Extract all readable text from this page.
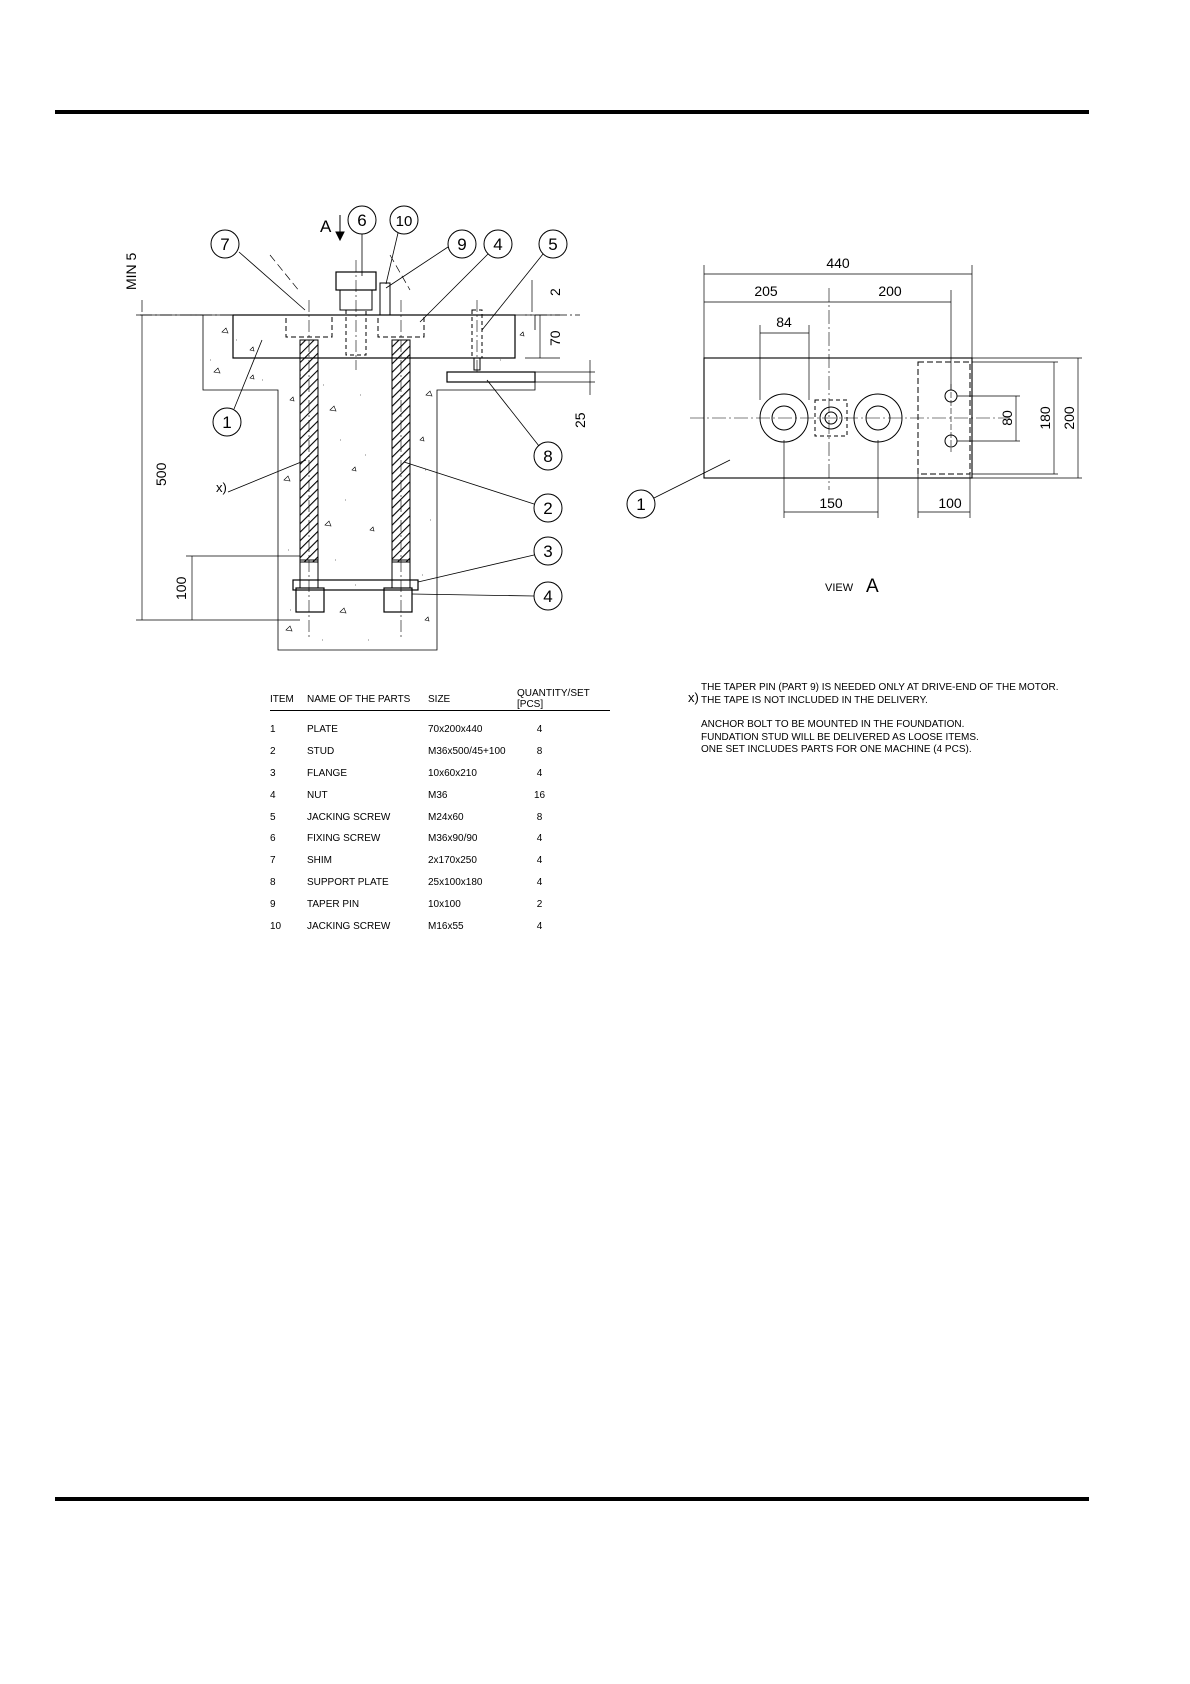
MIN 5
500
100
2
70
25
A
x)
7
6 10
9 4	5
1
8
2
3
4
440
205	200
84
150	100
80 180 200
1
VIEW A
ITEM	NAME OF THE PARTS	SIZE	QUANTITY/SET [PCS]
1	PLATE	70x200x440	4
2	STUD	M36x500/45+100	8
3	FLANGE	10x60x210	4
4	NUT	M36	16
5	JACKING SCREW	M24x60	8
6	FIXING SCREW	M36x90/90	4
7	SHIM	2x170x250	4
8	SUPPORT PLATE	25x100x180	4
9	TAPER PIN	10x100	2
10	JACKING SCREW	M16x55	4
x)
THE TAPER PIN (PART 9) IS NEEDED ONLY AT DRIVE-END OF THE MOTOR.
THE TAPE IS NOT INCLUDED IN THE DELIVERY.
ANCHOR BOLT TO BE MOUNTED IN THE FOUNDATION.
FUNDATION STUD WILL BE DELIVERED AS LOOSE ITEMS.
ONE SET INCLUDES PARTS FOR ONE MACHINE (4 PCS).
